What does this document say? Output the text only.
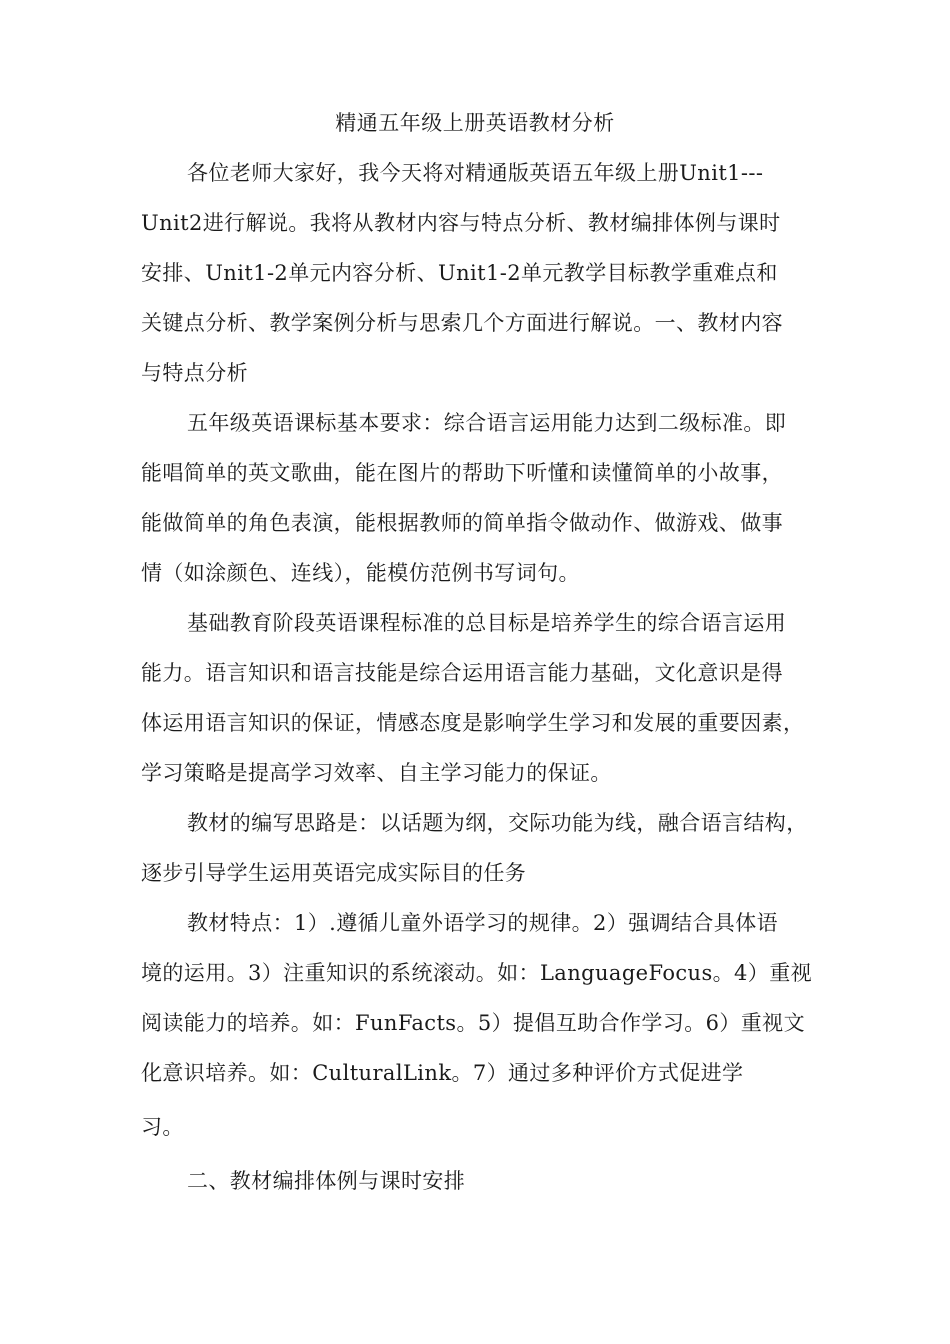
精通五年级上册英语教材分析
各位老师大家好，我今天将对精通版英语五年级上册Unit1---
Unit2进行解说。我将从教材内容与特点分析、教材编排体例与课时
安排、Unit1-2单元内容分析、Unit1-2单元教学目标教学重难点和
关键点分析、教学案例分析与思索几个方面进行解说。一、教材内容
与特点分析
五年级英语课标基本要求：综合语言运用能力达到二级标准。即
能唱简单的英文歌曲，能在图片的帮助下听懂和读懂简单的小故事，
能做简单的角色表演，能根据教师的简单指令做动作、做游戏、做事
情（如涂颜色、连线），能模仿范例书写词句。
基础教育阶段英语课程标准的总目标是培养学生的综合语言运用
能力。语言知识和语言技能是综合运用语言能力基础，文化意识是得
体运用语言知识的保证，情感态度是影响学生学习和发展的重要因素，
学习策略是提高学习效率、自主学习能力的保证。
教材的编写思路是：以话题为纲，交际功能为线，融合语言结构，
逐步引导学生运用英语完成实际目的任务
教材特点：1）.遵循儿童外语学习的规律。2）强调结合具体语
境的运用。3）注重知识的系统滚动。如：LanguageFocus。4）重视
阅读能力的培养。如：FunFacts。5）提倡互助合作学习。6）重视文
化意识培养。如：CulturalLink。7）通过多种评价方式促进学
习。
二、教材编排体例与课时安排
